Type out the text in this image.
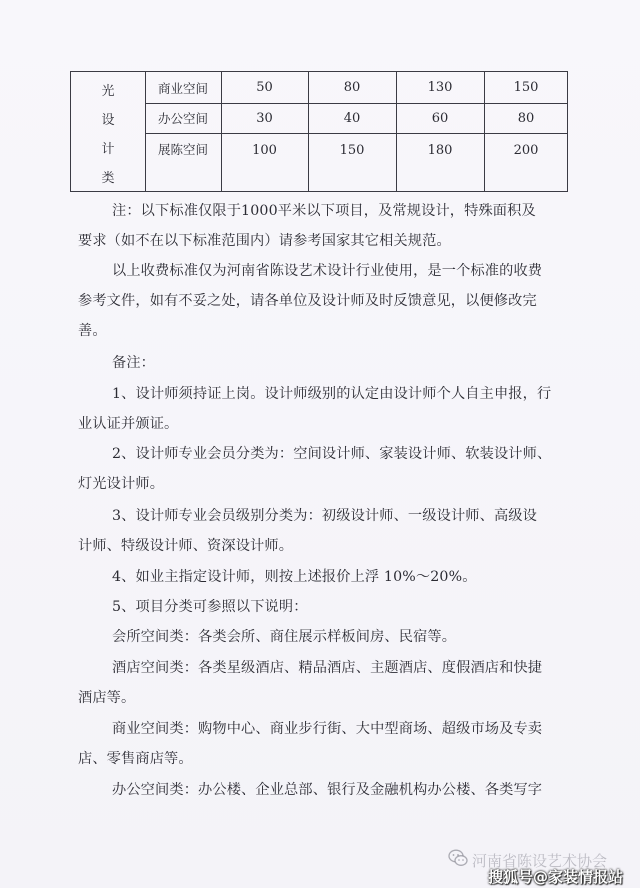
光
设
计
类
商业空间	50	80	130	150
办公空间	30	40	60	80
展陈空间	100	150	180	200
注：以下标准仅限于1000平米以下项目，及常规设计，特殊面积及
要求（如不在以下标准范围内）请参考国家其它相关规范。
以上收费标准仅为河南省陈设艺术设计行业使用，是一个标准的收费
参考文件，如有不妥之处，请各单位及设计师及时反馈意见，以便修改完
善。
备注：
1、设计师须持证上岗。设计师级别的认定由设计师个人自主申报，行
业认证并颁证。
2、设计师专业会员分类为：空间设计师、家装设计师、软装设计师、
灯光设计师。
3、设计师专业会员级别分类为：初级设计师、一级设计师、高级设
计师、特级设计师、资深设计师。
4、如业主指定设计师，则按上述报价上浮 10%～20%。
5、项目分类可参照以下说明：
会所空间类：各类会所、商住展示样板间房、民宿等。
酒店空间类：各类星级酒店、精品酒店、主题酒店、度假酒店和快捷
酒店等。
商业空间类：购物中心、商业步行街、大中型商场、超级市场及专卖
店、零售商店等。
办公空间类：办公楼、企业总部、银行及金融机构办公楼、各类写字
河南省陈设艺术协会
搜狐号@家装情报站
